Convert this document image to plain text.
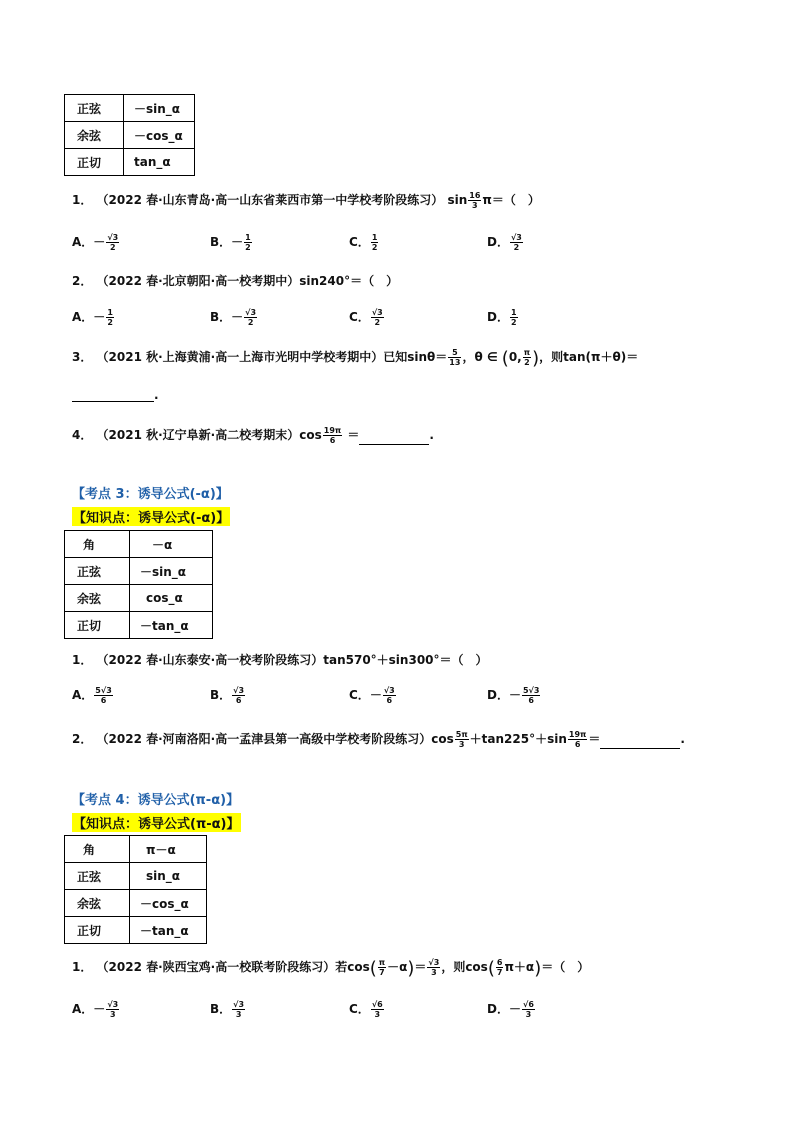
正弦	－sin_α
余弦	－cos_α
正切	tan_α
1． （2022 春·山东青岛·高一山东省莱西市第一中学校考阶段练习） $\sin \frac{16}{3} \pi=$（　）
A．－ $\frac{√3}{2}$	B．－ $\frac{1}{2}$	C． $\frac{1}{2}$	D． $\frac{√3}{2}$
2． （2022 春·北京朝阳·高一校考期中）sin240°＝（　）
A．－ $\frac{1}{2}$	B．－ $\frac{√3}{2}$	C． $\frac{√3}{2}$	D． $\frac{1}{2}$
3． （2021 秋·上海黄浦·高一上海市光明中学校考期中）已知$\sin\theta= \frac{5}{13}$ ，θ ∈ (0, $\frac{\pi}{2}$ )，则tan(π＋θ)＝
.
4． （2021 秋·辽宁阜新·高二校考期末）$\cos \frac{19\pi}{6}$ ＝	.
【考点 3：诱导公式(-α)】
【知识点：诱导公式(-α)】
角	－α
正弦	－sin_α
余弦	cos_α
正切	－tan_α
1． （2022 春·山东泰安·高一校考阶段练习）tan570°＋sin300°＝（　）
A． $\frac{5√3}{6}$	B． $\frac{√3}{6}$	C．－ $\frac{√3}{6}$	D．－ $\frac{5√3}{6}$
2． （2022 春·河南洛阳·高一孟津县第一高级中学校考阶段练习）$\cos \frac{5\pi}{3} +\tan 225^\circ+\sin \frac{19\pi}{6}$ ＝	.
【考点 4：诱导公式(π-α)】
【知识点：诱导公式(π-α)】
角	π－α
正弦	sin_α
余弦	－cos_α
正切	－tan_α
1． （2022 春·陕西宝鸡·高一校联考阶段练习）若$\cos( \frac{\pi}{7} -\alpha)= \frac{√3}{3}$ ，则$\cos( \frac{6}{7} \pi+\alpha)=$（　）
A．－ $\frac{√3}{3}$	B． $\frac{√3}{3}$	C． $\frac{√6}{3}$	D．－ $\frac{√6}{3}$
